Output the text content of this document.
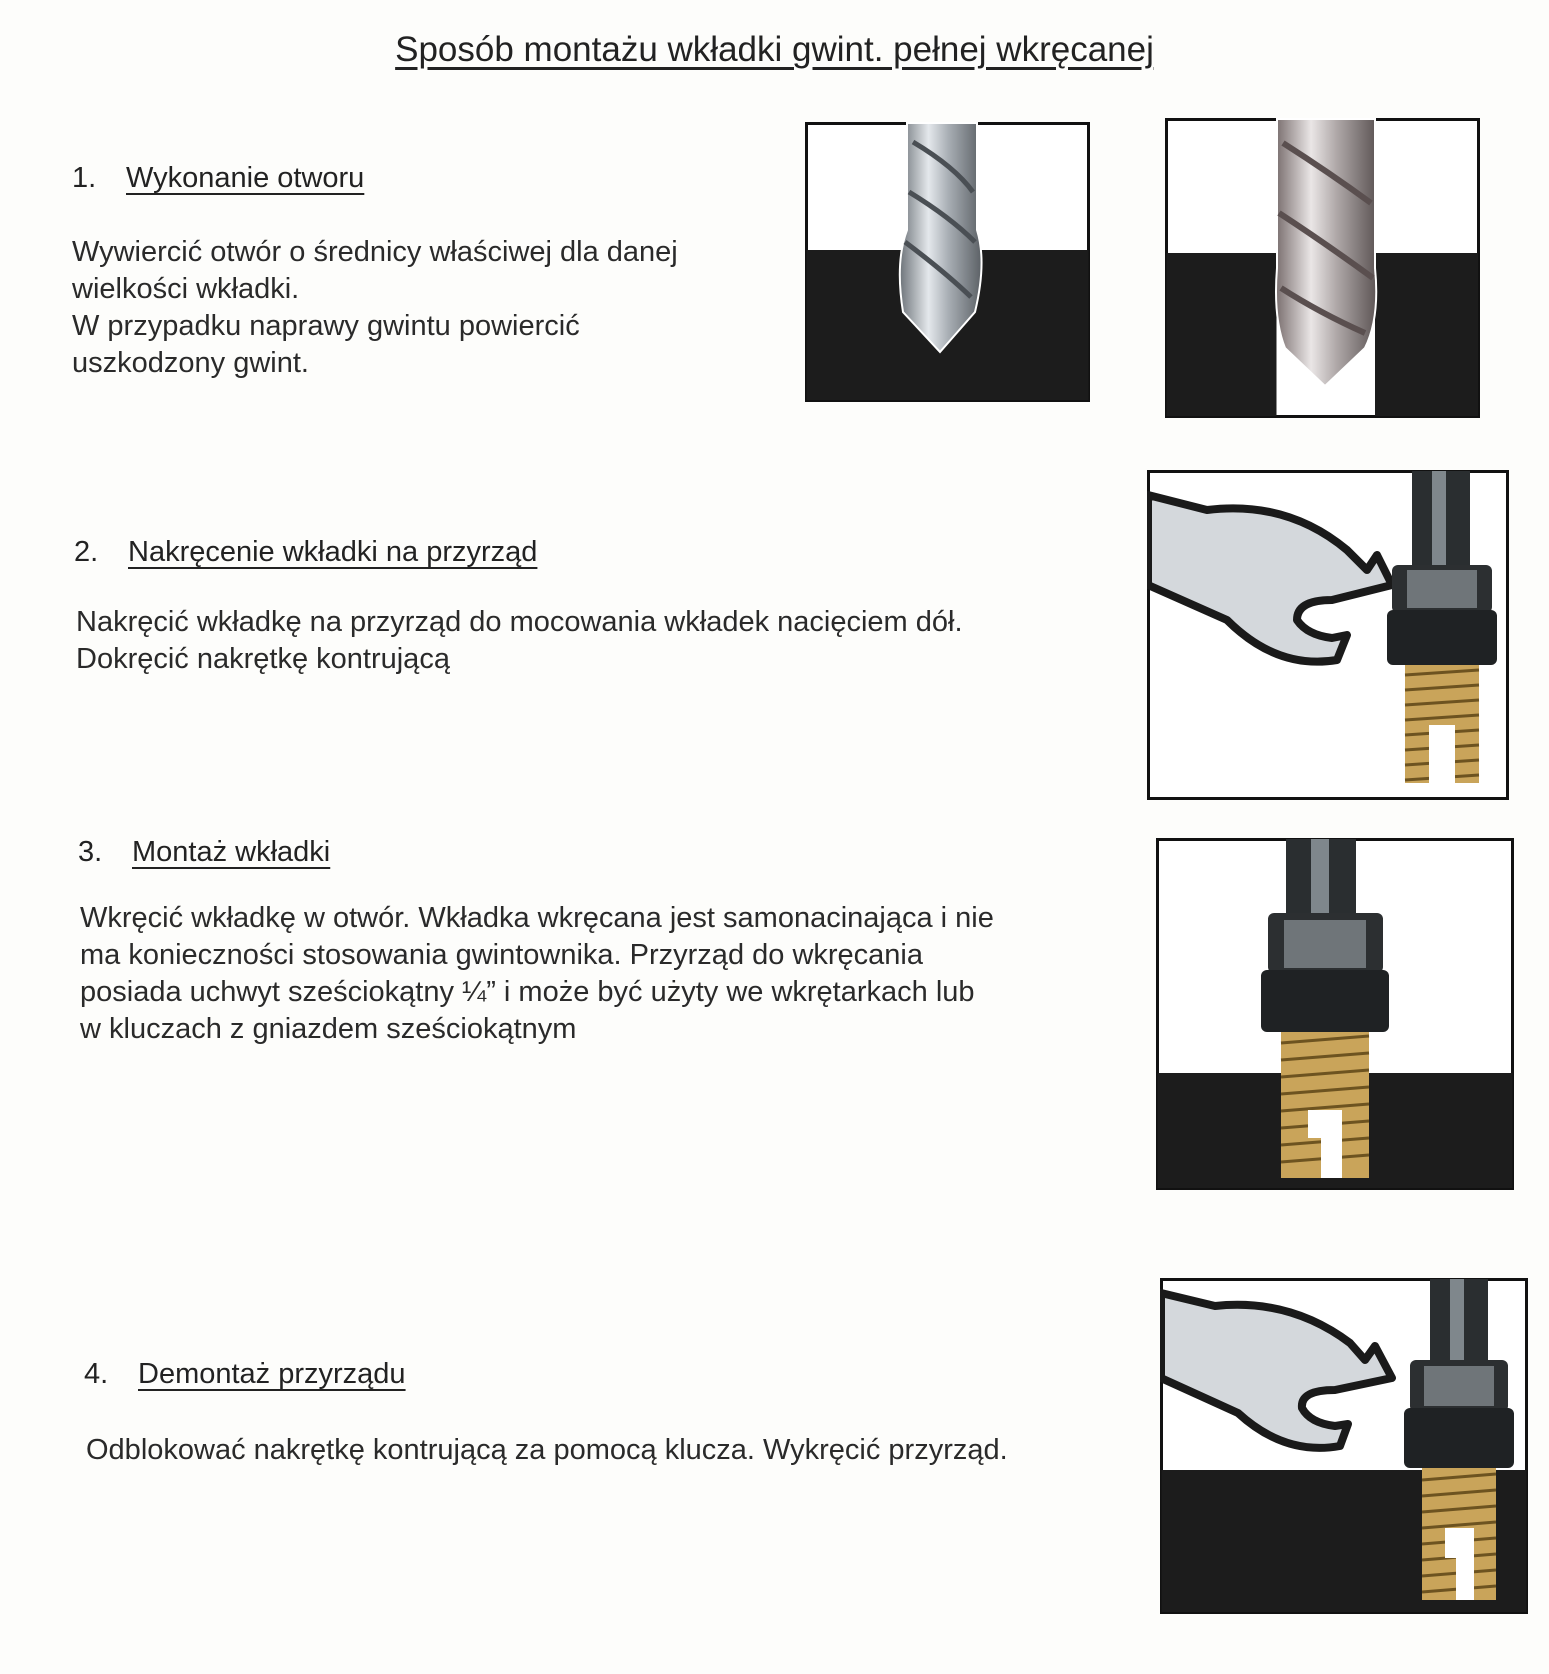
Sposób montażu wkładki gwint. pełnej wkręcanej
1. Wykonanie otworu

Wywiercić otwór o średnicy właściwej dla danej

wielkości wkładki.

W przypadku naprawy gwintu powiercić

uszkodzony gwint.

2. Nakręcenie wkładki na przyrząd

Nakręcić wkładkę na przyrząd do mocowania wkładek nacięciem dół.

Dokręcić nakrętkę kontrującą

3. Montaż wkładki

Wkręcić wkładkę w otwór. Wkładka wkręcana jest samonacinająca i nie

ma konieczności stosowania gwintownika. Przyrząd do wkręcania

posiada uchwyt sześciokątny ¼” i może być użyty we wkrętarkach lub

w kluczach z gniazdem sześciokątnym

4. Demontaż przyrządu

Odblokować nakrętkę kontrującą za pomocą klucza. Wykręcić przyrząd.
